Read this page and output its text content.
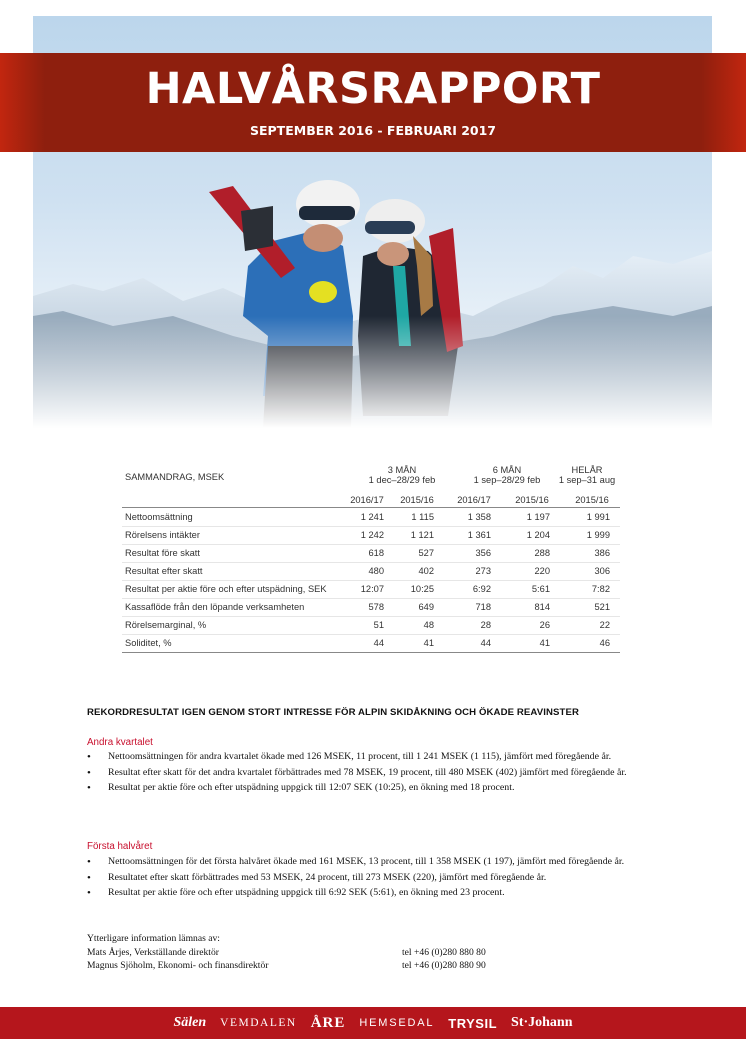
HALVÅRSRAPPORT
SEPTEMBER 2016 - FEBRUARI 2017
SAMMANDRAG, MSEK
3 MÅN
1 dec–28/29 feb
6 MÅN
1 sep–28/29 feb
HELÅR
1 sep–31 aug
2016/17	2015/16	2016/17	2015/16	2015/16
Nettoomsättning	1 241	1 115	1 358	1 197	1 991
Rörelsens intäkter	1 242	1 121	1 361	1 204	1 999
Resultat före skatt	618	527	356	288	386
Resultat efter skatt	480	402	273	220	306
Resultat per aktie före och efter utspädning, SEK	12:07	10:25	6:92	5:61	7:82
Kassaflöde från den löpande verksamheten	578	649	718	814	521
Rörelsemarginal, %	51	48	28	26	22
Soliditet, %	44	41	44	41	46
REKORDRESULTAT IGEN GENOM STORT INTRESSE FÖR ALPIN SKIDÅKNING OCH ÖKADE REAVINSTER
Andra kvartalet
• Nettoomsättningen för andra kvartalet ökade med 126 MSEK, 11 procent, till 1 241 MSEK (1 115), jämfört med föregående år.
• Resultat efter skatt för det andra kvartalet förbättrades med 78 MSEK, 19 procent, till 480 MSEK (402) jämfört med föregående år.
• Resultat per aktie före och efter utspädning uppgick till 12:07 SEK (10:25), en ökning med 18 procent.
Första halvåret
• Nettoomsättningen för det första halvåret ökade med 161 MSEK, 13 procent, till 1 358 MSEK (1 197), jämfört med föregående år.
• Resultatet efter skatt förbättrades med 53 MSEK, 24 procent, till 273 MSEK (220), jämfört med föregående år.
• Resultat per aktie före och efter utspädning uppgick till 6:92 SEK (5:61), en ökning med 23 procent.
Ytterligare information lämnas av:
Mats Årjes, Verkställande direktör	tel +46 (0)280 880 80
Magnus Sjöholm, Ekonomi- och finansdirektör	tel +46 (0)280 880 90
Sälen VEMDALEN ÅRE HEMSEDAL TRYSIL St·Johann
